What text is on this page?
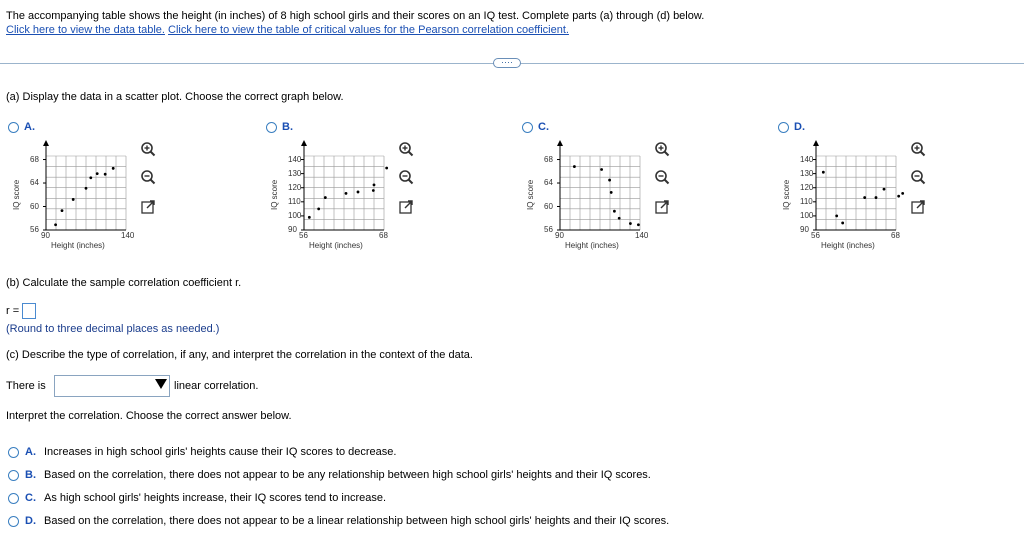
The accompanying table shows the height (in inches) of 8 high school girls and their scores on an IQ test. Complete parts (a) through (d) below.
Click here to view the data table. Click here to view the table of critical values for the Pearson correlation coefficient.
····
(a) Display the data in a scatter plot. Choose the correct graph below.
A.
IQ score
68
64
60
56
90	140
Height (inches)
B.
IQ score
140
130
120
110
100
90
56	68
Height (inches)
C.
IQ score
68
64
60
56
90	140
Height (inches)
D.
IQ score
140
130
120
110
100
90
56	68
Height (inches)
(b) Calculate the sample correlation coefficient r.
r =
(Round to three decimal places as needed.)
(c) Describe the type of correlation, if any, and interpret the correlation in the context of the data.
There is	linear correlation.
Interpret the correlation. Choose the correct answer below.
A. Increases in high school girls' heights cause their IQ scores to decrease.
B. Based on the correlation, there does not appear to be any relationship between high school girls' heights and their IQ scores.
C. As high school girls' heights increase, their IQ scores tend to increase.
D. Based on the correlation, there does not appear to be a linear relationship between high school girls' heights and their IQ scores.
